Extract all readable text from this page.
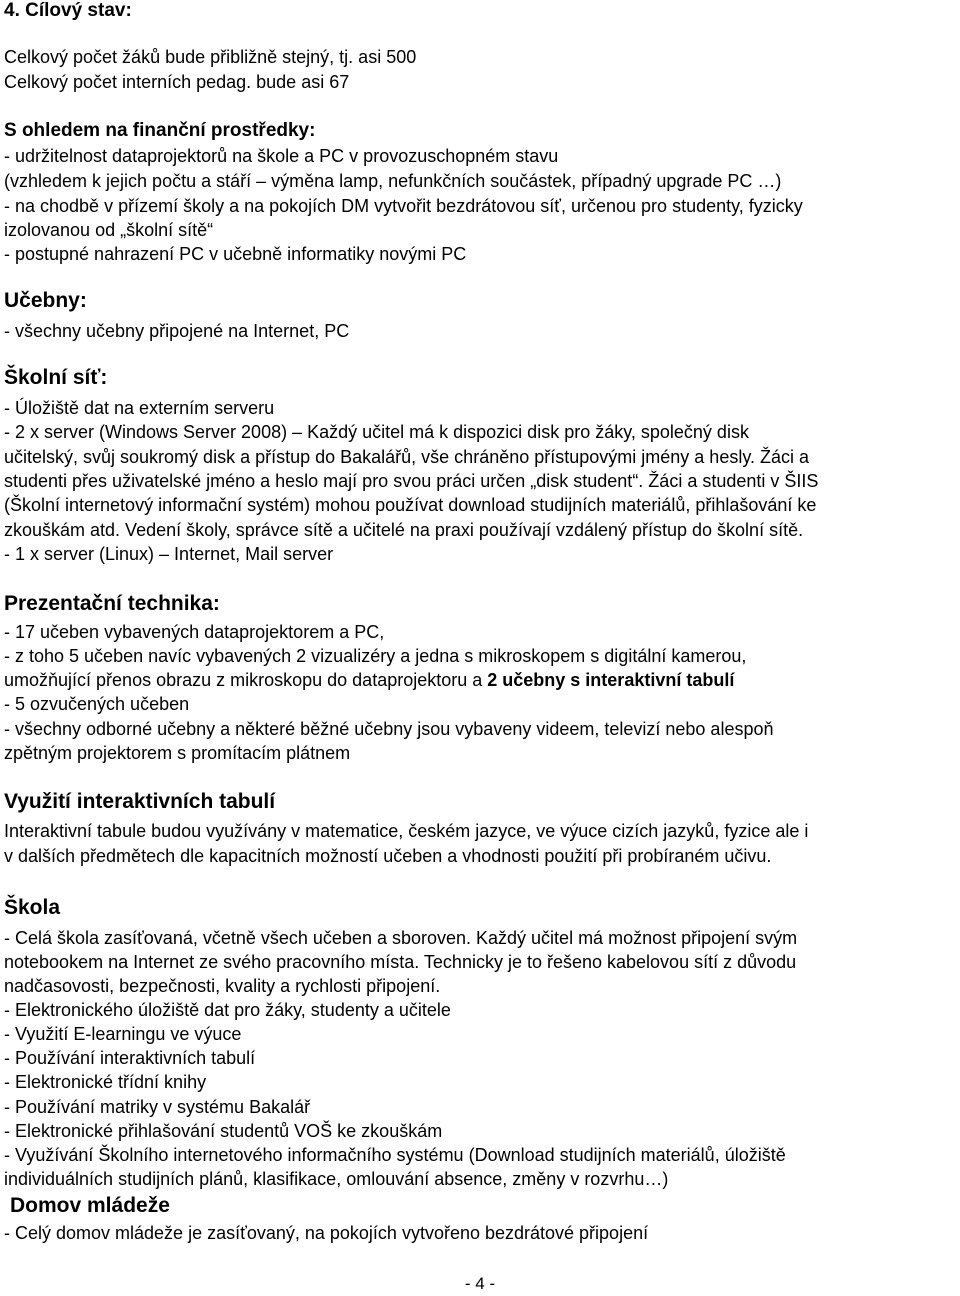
4. Cílový stav:
Celkový počet žáků bude přibližně stejný, tj. asi 500
Celkový počet interních pedag. bude asi 67
S ohledem na finanční prostředky:
- udržitelnost dataprojektorů na škole a PC v provozuschopném stavu
(vzhledem k jejich počtu a stáří – výměna lamp, nefunkčních součástek, případný upgrade PC …)
- na chodbě v přízemí školy a na pokojích DM vytvořit bezdrátovou síť, určenou pro studenty, fyzicky
izolovanou od „školní sítě“
- postupné nahrazení PC v učebně informatiky novými PC
Učebny:
- všechny učebny připojené na Internet, PC
Školní síť:
- Úložiště dat na externím serveru
- 2 x server (Windows Server 2008) – Každý učitel má k dispozici disk pro žáky, společný disk
učitelský, svůj soukromý disk a přístup do Bakalářů, vše chráněno přístupovými jmény a hesly. Žáci a
studenti přes uživatelské jméno a heslo mají pro svou práci určen „disk student“. Žáci a studenti v ŠIIS
(Školní internetový informační systém) mohou používat download studijních materiálů, přihlašování ke
zkouškám atd. Vedení školy, správce sítě a učitelé na praxi používají vzdálený přístup do školní sítě.
- 1 x server (Linux) – Internet, Mail server
Prezentační technika:
- 17 učeben vybavených dataprojektorem a PC,
- z toho 5 učeben navíc vybavených 2 vizualizéry a jedna s mikroskopem s digitální kamerou,
umožňující přenos obrazu z mikroskopu do dataprojektoru a 2 učebny s interaktivní tabulí
- 5 ozvučených učeben
- všechny odborné učebny a některé běžné učebny jsou vybaveny videem, televizí nebo alespoň
zpětným projektorem s promítacím plátnem
Využití interaktivních tabulí
Interaktivní tabule budou využívány v matematice, českém jazyce, ve výuce cizích jazyků, fyzice ale i
v dalších předmětech dle kapacitních možností učeben a vhodnosti použití při probíraném učivu.
Škola
- Celá škola zasíťovaná, včetně všech učeben a sboroven. Každý učitel má možnost připojení svým
notebookem na Internet ze svého pracovního místa. Technicky je to řešeno kabelovou sítí z důvodu
nadčasovosti, bezpečnosti, kvality a rychlosti připojení.
- Elektronického úložiště dat pro žáky, studenty a učitele
- Využití E-learningu ve výuce
- Používání interaktivních tabulí
- Elektronické třídní knihy
- Používání matriky v systému Bakalář
- Elektronické přihlašování studentů VOŠ ke zkouškám
- Využívání Školního internetového informačního systému (Download studijních materiálů, úložiště
individuálních studijních plánů, klasifikace, omlouvání absence, změny v rozvrhu…)
Domov mládeže
- Celý domov mládeže je zasíťovaný, na pokojích vytvořeno bezdrátové připojení
- 4 -
